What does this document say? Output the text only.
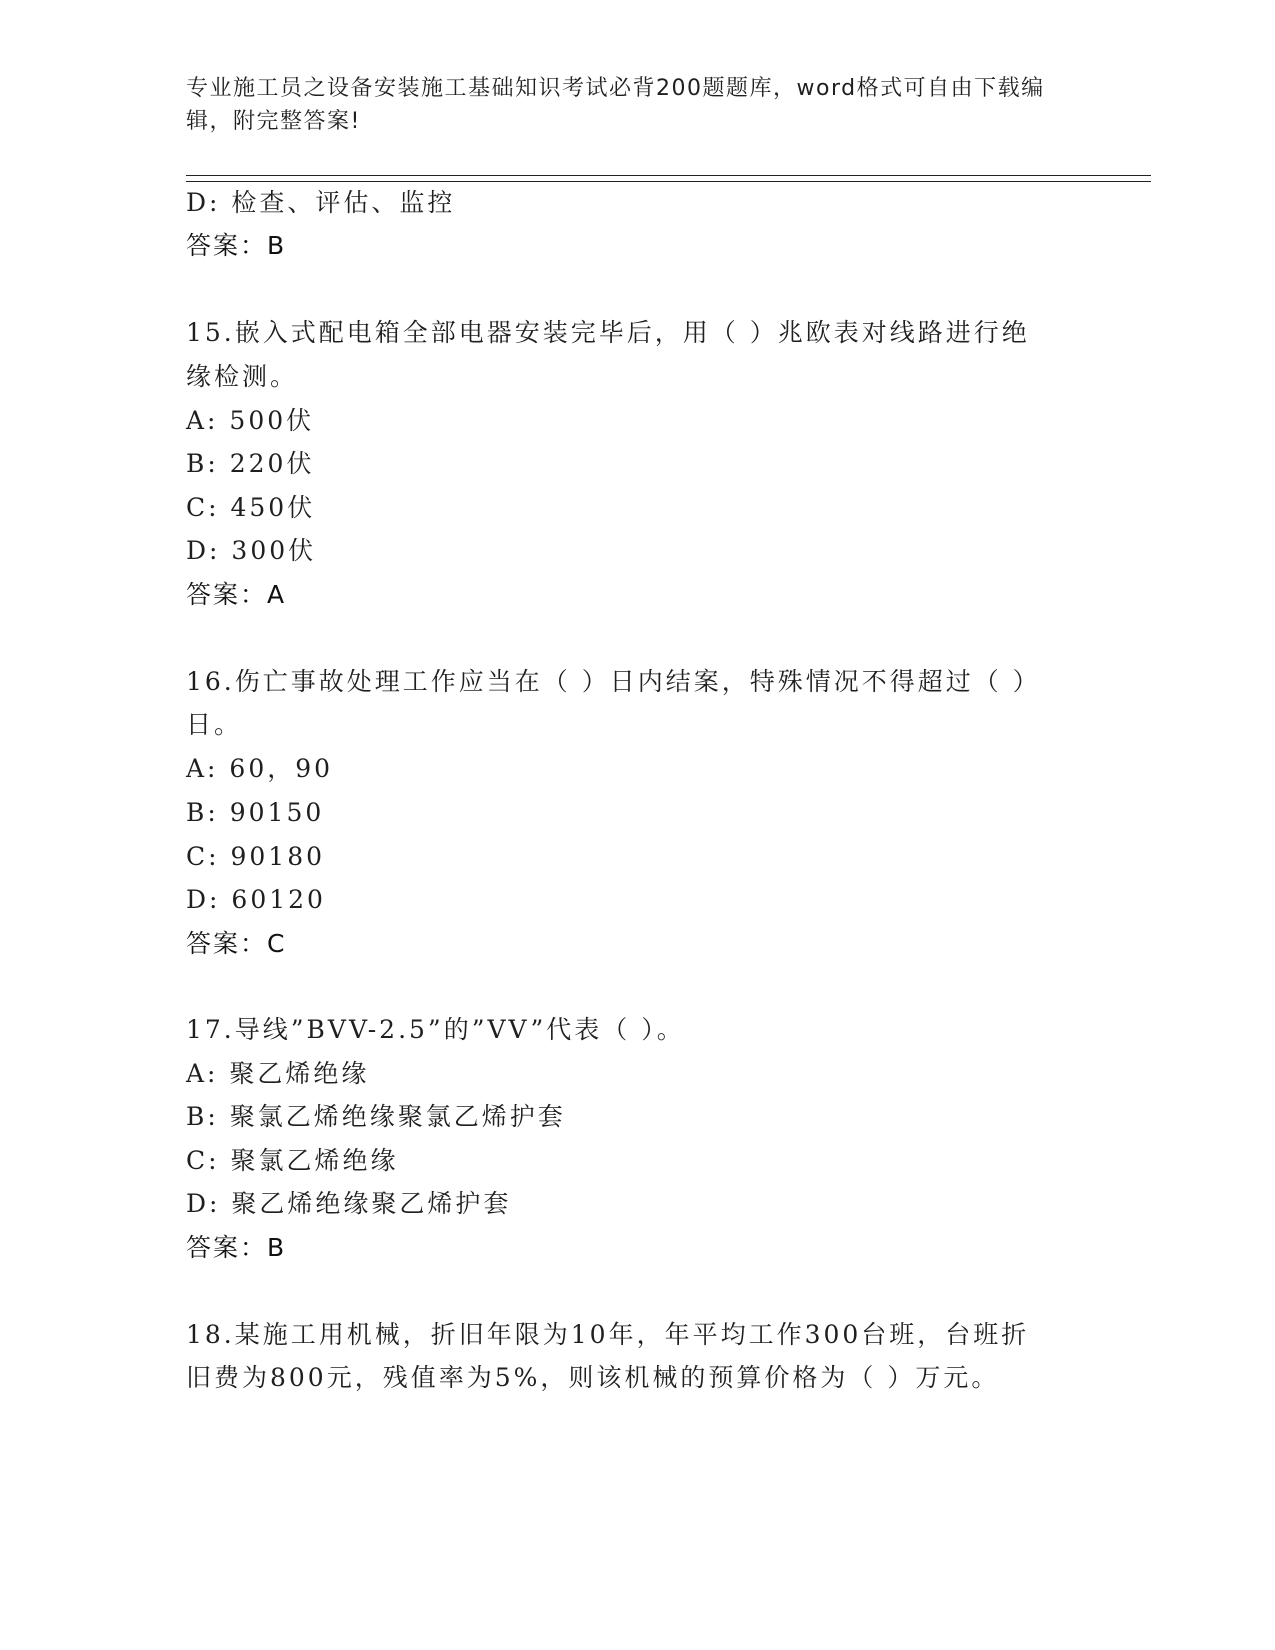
专业施工员之设备安装施工基础知识考试必背200题题库，word格式可自由下载编辑，附完整答案!
D: 检查、评估、监控
答案：B
15.嵌入式配电箱全部电器安装完毕后，用（ ）兆欧表对线路进行绝
缘检测。
A: 500伏
B: 220伏
C: 450伏
D: 300伏
答案：A
16.伤亡事故处理工作应当在（ ）日内结案，特殊情况不得超过（ ）
日。
A: 60，90
B: 90150
C: 90180
D: 60120
答案：C
17.导线”BVV-2.5”的”VV”代表（ ）。
A: 聚乙烯绝缘
B: 聚氯乙烯绝缘聚氯乙烯护套
C: 聚氯乙烯绝缘
D: 聚乙烯绝缘聚乙烯护套
答案：B
18.某施工用机械，折旧年限为10年，年平均工作300台班，台班折
旧费为800元，残值率为5%，则该机械的预算价格为（ ）万元。
